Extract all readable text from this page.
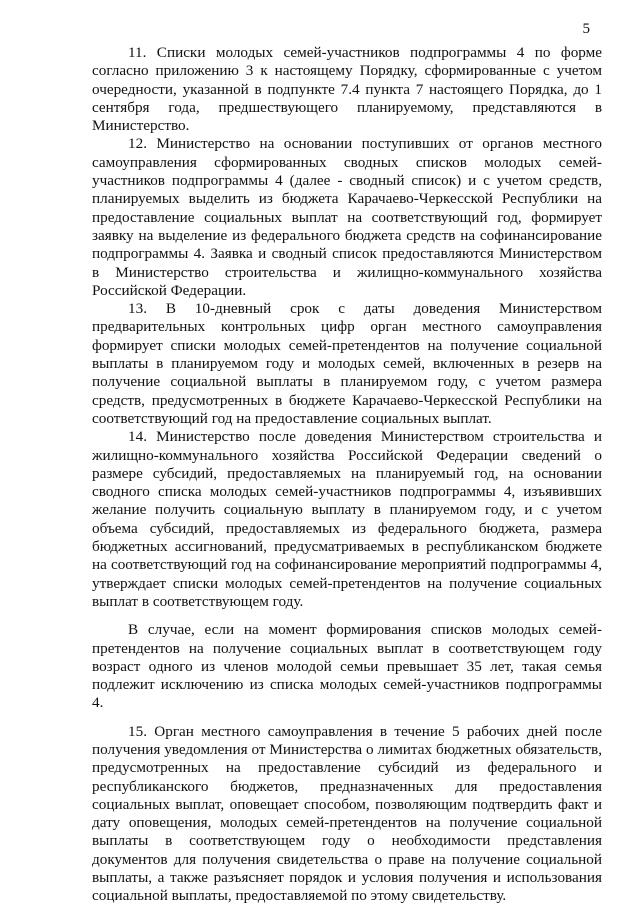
5

11. Списки молодых семей-участников подпрограммы 4 по форме согласно приложению 3 к настоящему Порядку, сформированные с учетом очередности, указанной в подпункте 7.4 пункта 7 настоящего Порядка, до 1 сентября года, предшествующего планируемому, представляются в Министерство.

12. Министерство на основании поступивших от органов местного самоуправления сформированных сводных списков молодых семей-участников подпрограммы 4 (далее - сводный список) и с учетом средств, планируемых выделить из бюджета Карачаево-Черкесской Республики на предоставление социальных выплат на соответствующий год, формирует заявку на выделение из федерального бюджета средств на софинансирование подпрограммы 4. Заявка и сводный список предоставляются Министерством в Министерство строительства и жилищно-коммунального хозяйства Российской Федерации.

13. В 10-дневный срок с даты доведения Министерством предварительных контрольных цифр орган местного самоуправления формирует списки молодых семей-претендентов на получение социальной выплаты в планируемом году и молодых семей, включенных в резерв на получение социальной выплаты в планируемом году, с учетом размера средств, предусмотренных в бюджете Карачаево-Черкесской Республики на соответствующий год на предоставление социальных выплат.

14. Министерство после доведения Министерством строительства и жилищно-коммунального хозяйства Российской Федерации сведений о размере субсидий, предоставляемых на планируемый год, на основании сводного списка молодых семей-участников подпрограммы 4, изъявивших желание получить социальную выплату в планируемом году, и с учетом объема субсидий, предоставляемых из федерального бюджета, размера бюджетных ассигнований, предусматриваемых в республиканском бюджете на соответствующий год на софинансирование мероприятий подпрограммы 4, утверждает списки молодых семей-претендентов на получение социальных выплат в соответствующем году.

В случае, если на момент формирования списков молодых семей-претендентов на получение социальных выплат в соответствующем году возраст одного из членов молодой семьи превышает 35 лет, такая семья подлежит исключению из списка молодых семей-участников подпрограммы 4.

15. Орган местного самоуправления в течение 5 рабочих дней после получения уведомления от Министерства о лимитах бюджетных обязательств, предусмотренных на предоставление субсидий из федерального и республиканского бюджетов, предназначенных для предоставления социальных выплат, оповещает способом, позволяющим подтвердить факт и дату оповещения, молодых семей-претендентов на получение социальной выплаты в соответствующем году о необходимости представления документов для получения свидетельства о праве на получение социальной выплаты, а также разъясняет порядок и условия получения и использования социальной выплаты, предоставляемой по этому свидетельству.
